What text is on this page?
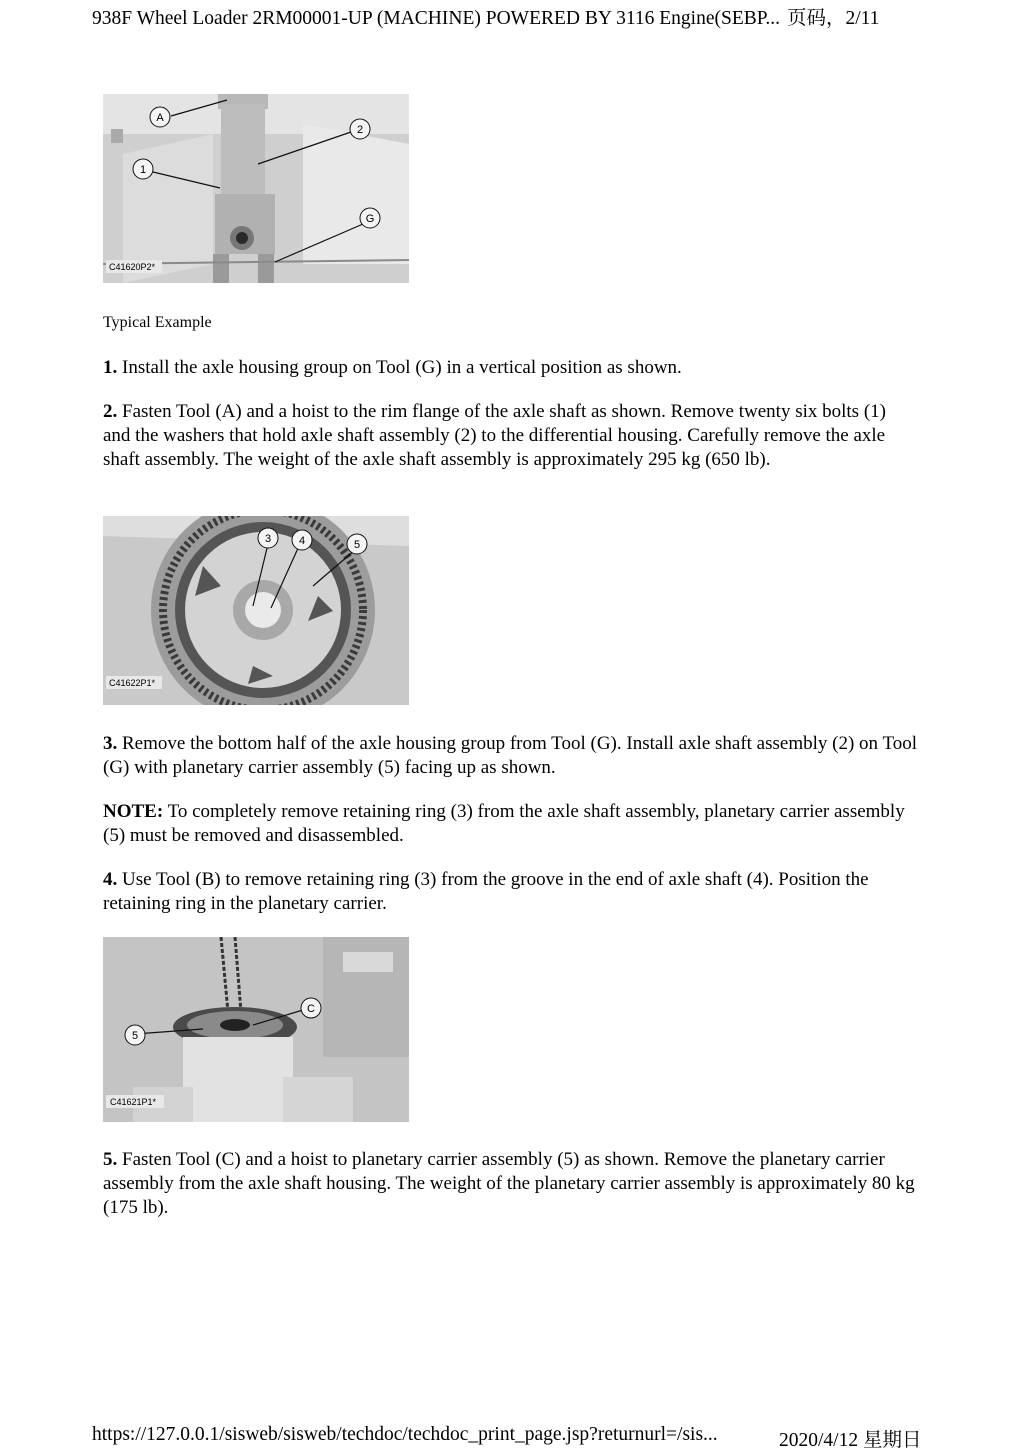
938F Wheel Loader 2RM00001-UP (MACHINE) POWERED BY 3116 Engine(SEBP... 页码，2/11
A
2
1
G
C41620P2*
Typical Example

1. Install the axle housing group on Tool (G) in a vertical position as shown.

2. Fasten Tool (A) and a hoist to the rim flange of the axle shaft as shown. Remove twenty six bolts (1) and the washers that hold axle shaft assembly (2) to the differential housing. Carefully remove the axle shaft assembly. The weight of the axle shaft assembly is approximately 295 kg (650 lb).

3	4	5
C41622P1*

3. Remove the bottom half of the axle housing group from Tool (G). Install axle shaft assembly (2) on Tool (G) with planetary carrier assembly (5) facing up as shown.

NOTE: To completely remove retaining ring (3) from the axle shaft assembly, planetary carrier assembly (5) must be removed and disassembled.

4. Use Tool (B) to remove retaining ring (3) from the groove in the end of axle shaft (4). Position the retaining ring in the planetary carrier.

C
5
C41621P1*

5. Fasten Tool (C) and a hoist to planetary carrier assembly (5) as shown. Remove the planetary carrier assembly from the axle shaft housing. The weight of the planetary carrier assembly is approximately 80 kg (175 lb).

https://127.0.0.1/sisweb/sisweb/techdoc/techdoc_print_page.jsp?returnurl=/sis...	2020/4/12 星期日
